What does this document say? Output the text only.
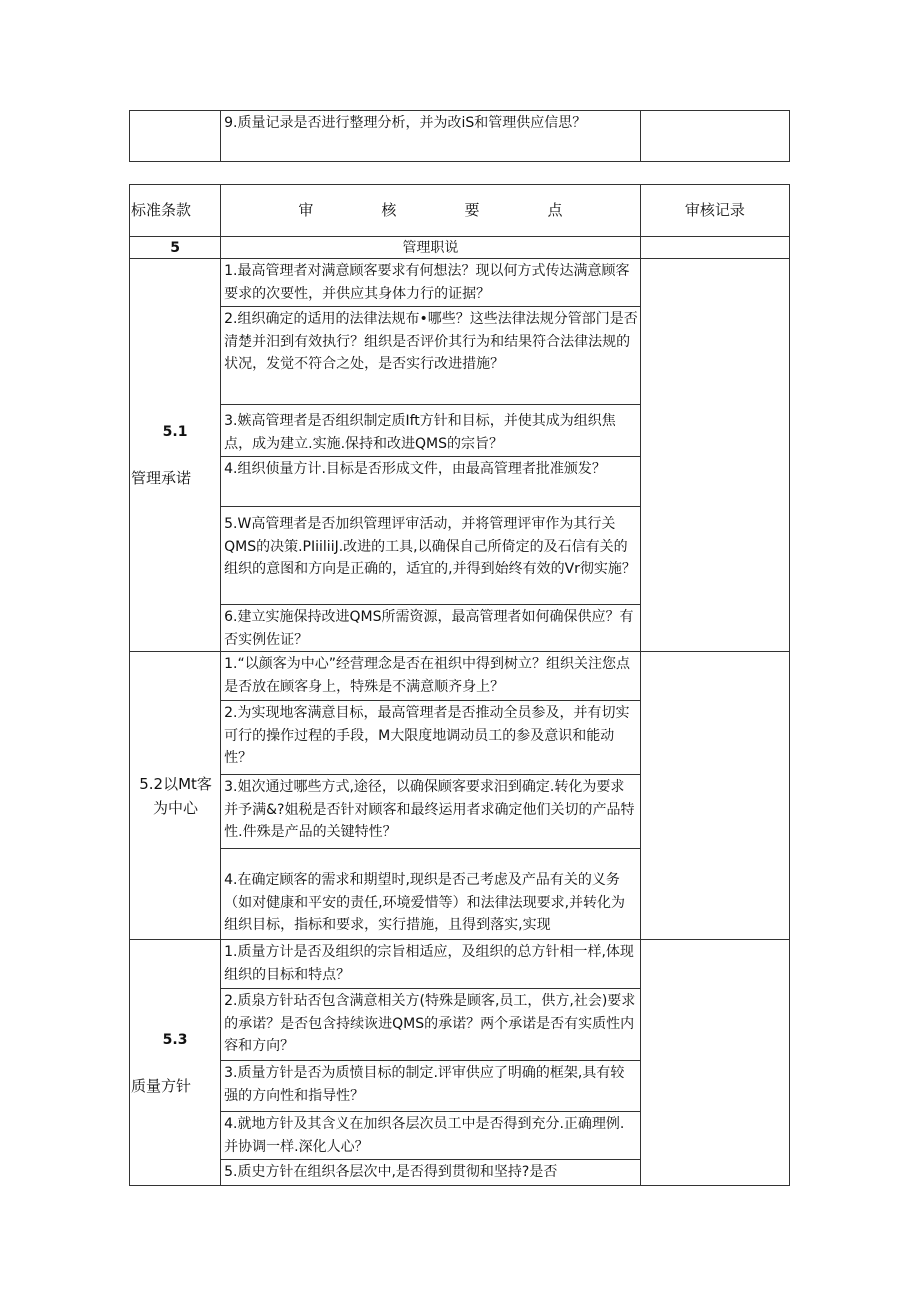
	9.质量记录是否进行整理分析，并为改iS和管理供应信思？	
标准条款	审 核 要 点	审核记录
5	管理职说	

5.1
管理承诺	1.最高管理者对满意顾客要求有何想法？现以何方式传达满意顾客要求的次要性，并供应其身体力行的证据？	
	2.组织确定的适用的法律法规布•哪些？这些法律法规分管部门是否清楚并汨到有效执行？组织是否评价其行为和结果符合法律法规的状况，发觉不符合之处，是否实行改进措施？	
	3.嫉高管理者是否组织制定质Ift方针和目标，并使其成为组织焦点，成为建立.实施.保持和改进QMS的宗旨？	
	4.组织侦量方计.目标是否形成文件，由最高管理者批准颁发？	
	5.W高管理者是否加织管理评审活动，并将管理评审作为其行关QMS的决策.PIiiliiJ.改进的工具,以确保自己所倚定的及石信有关的组织的意图和方向是正确的，适宜的,并得到始终有效的Vr彻实施？	
	6.建立实施保持改进QMS所需资源，最高管理者如何确保供应？有否实例佐证？	

5.2以Mt客为中心	1.“以颜客为中心”经营理念是否在祖织中得到树立？组织关注您点是否放在顾客身上，特殊是不满意顺齐身上？	
	2.为实现地客满意目标，最高管理者是否推动全员参及，并有切实可行的操作过程的手段，M大限度地调动员工的参及意识和能动性？	
	3.姐次通过哪些方式,途径，以确保顾客要求汨到确定.转化为要求并予满&?姐税是否针对顾客和最终运用者求确定他们关切的产品特性.件殊是产品的关键特性？	
	4.在确定顾客的需求和期望时,现织是否己考虑及产品有关的义务（如对健康和平安的责任,环境爱惜等）和法律法现要求,并转化为组织目标，指标和要求，实行措施，且得到落实,实现	

5.3
质量方针	1.质量方计是否及组织的宗旨相适应，及组织的总方针相一样,体现组织的目标和特点？	
	2.质泉方针玷否包含满意相关方(特殊是顾客,员工，供方,社会)要求的承诺？是否包含持续诙进QMS的承诺？两个承诺是否有实质性内容和方向？	
	3.质量方针是否为质愤目标的制定.评审供应了明确的框架,具有较强的方向性和指导性？	
	4.就地方针及其含义在加织各层次员工中是否得到充分.正确理例.并协调一样.深化人心？	
	5.质史方针在组织各层次中,是否得到贯彻和坚持?是否	
